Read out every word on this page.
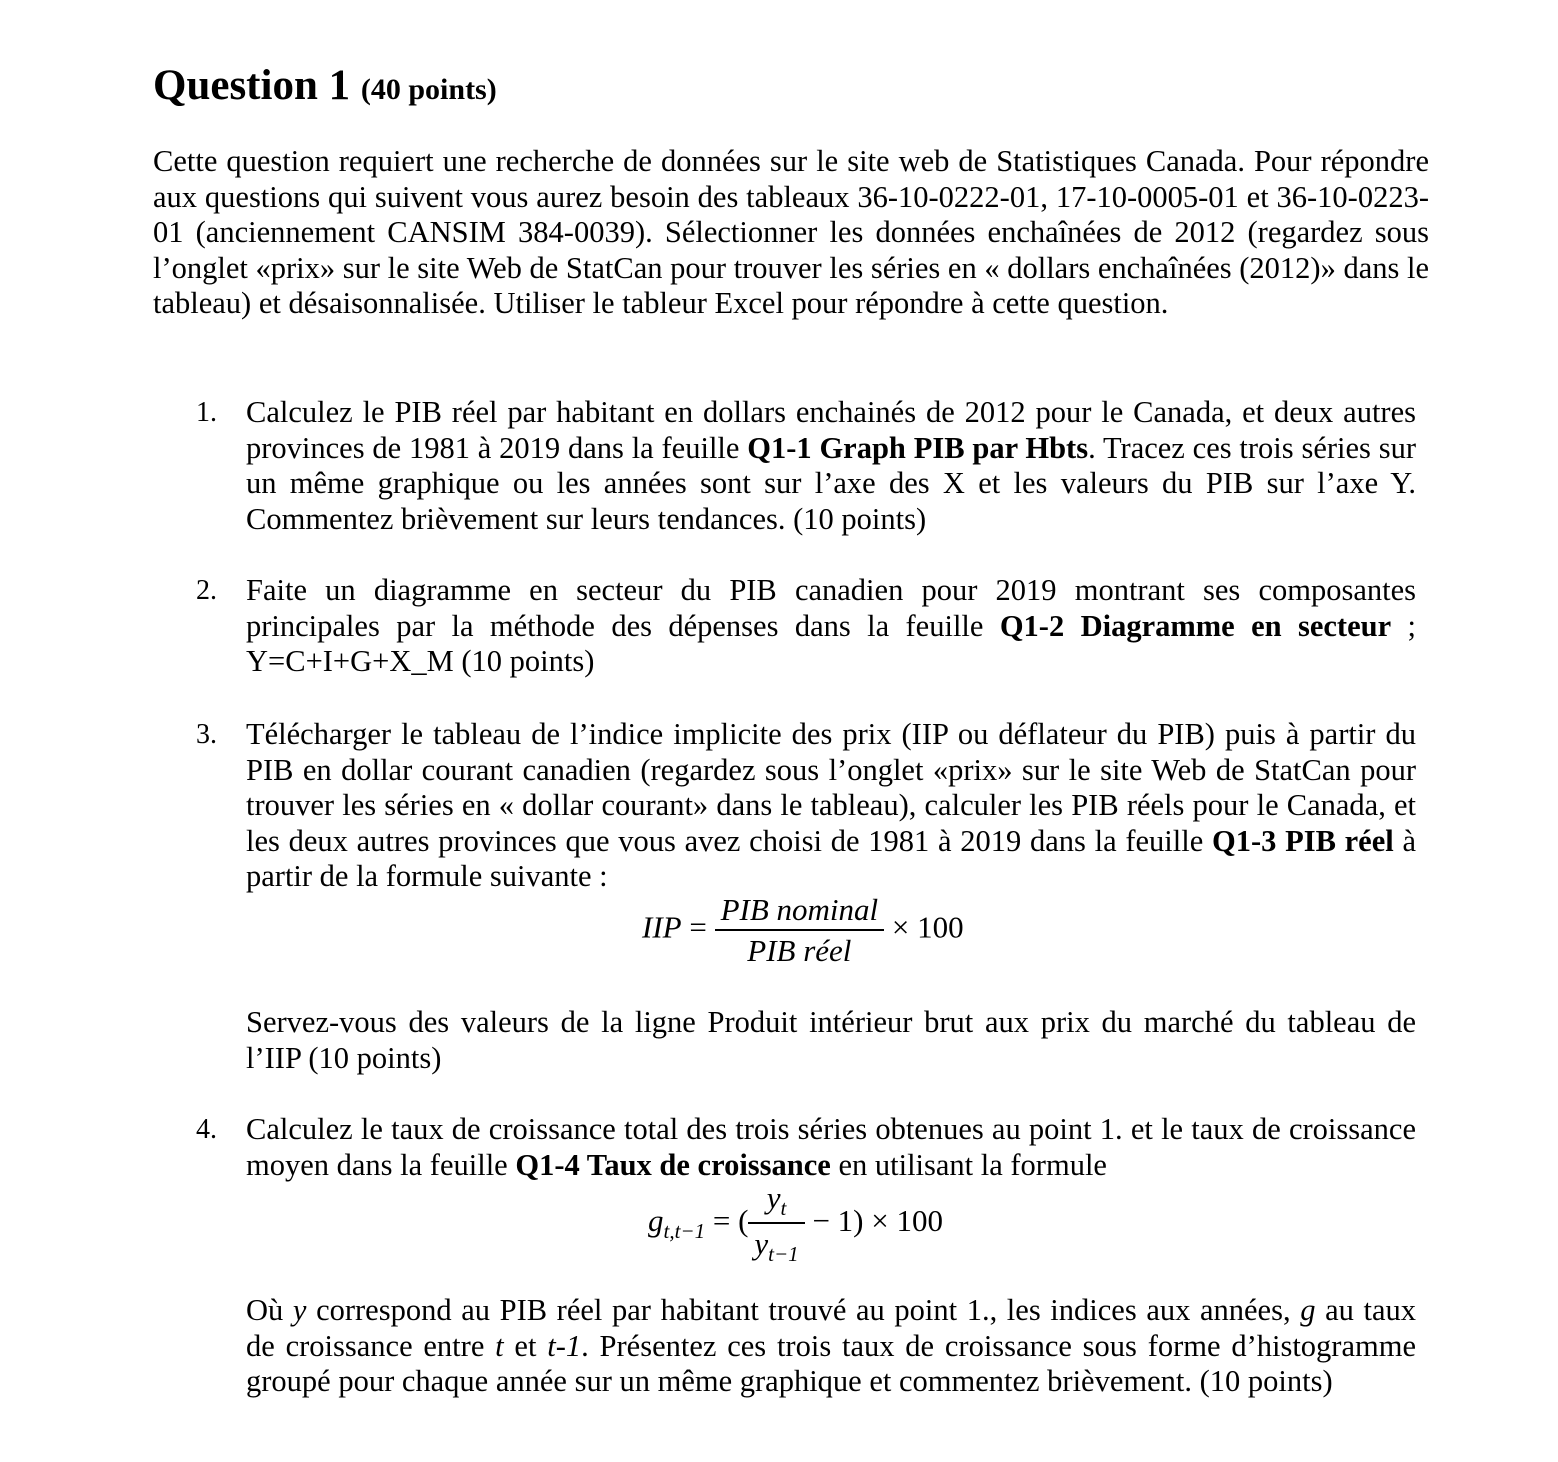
Question 1 (40 points)
Cette question requiert une recherche de données sur le site web de Statistiques Canada. Pour répondre aux questions qui suivent vous aurez besoin des tableaux 36-10-0222-01, 17-10-0005-01 et 36-10-0223-01 (anciennement CANSIM 384-0039). Sélectionner les données enchaînées de 2012 (regardez sous l’onglet «prix» sur le site Web de StatCan pour trouver les séries en « dollars enchaînées (2012)» dans le tableau) et désaisonnalisée. Utiliser le tableur Excel pour répondre à cette question.
1. Calculez le PIB réel par habitant en dollars enchainés de 2012 pour le Canada, et deux autres provinces de 1981 à 2019 dans la feuille Q1-1 Graph PIB par Hbts. Tracez ces trois séries sur un même graphique ou les années sont sur l’axe des X et les valeurs du PIB sur l’axe Y. Commentez brièvement sur leurs tendances. (10 points)
2. Faite un diagramme en secteur du PIB canadien pour 2019 montrant ses composantes principales par la méthode des dépenses dans la feuille Q1-2 Diagramme en secteur ; Y=C+I+G+X_M (10 points)
3. Télécharger le tableau de l’indice implicite des prix (IIP ou déflateur du PIB) puis à partir du PIB en dollar courant canadien (regardez sous l’onglet «prix» sur le site Web de StatCan pour trouver les séries en « dollar courant» dans le tableau), calculer les PIB réels pour le Canada, et les deux autres provinces que vous avez choisi de 1981 à 2019 dans la feuille Q1-3 PIB réel à partir de la formule suivante :
IIP = $\frac{\text{PIB nominal}}{\text{PIB réel}} \times 100$
Servez-vous des valeurs de la ligne Produit intérieur brut aux prix du marché du tableau de l’IIP (10 points)
4. Calculez le taux de croissance total des trois séries obtenues au point 1. et le taux de croissance moyen dans la feuille Q1-4 Taux de croissance en utilisant la formule
$g_{t,t-1}$ = ( $\frac{y_t}{y_{t-1}} - 1) \times 100$
Où y correspond au PIB réel par habitant trouvé au point 1., les indices aux années, g au taux de croissance entre t et t-1. Présentez ces trois taux de croissance sous forme d’histogramme groupé pour chaque année sur un même graphique et commentez brièvement. (10 points)
